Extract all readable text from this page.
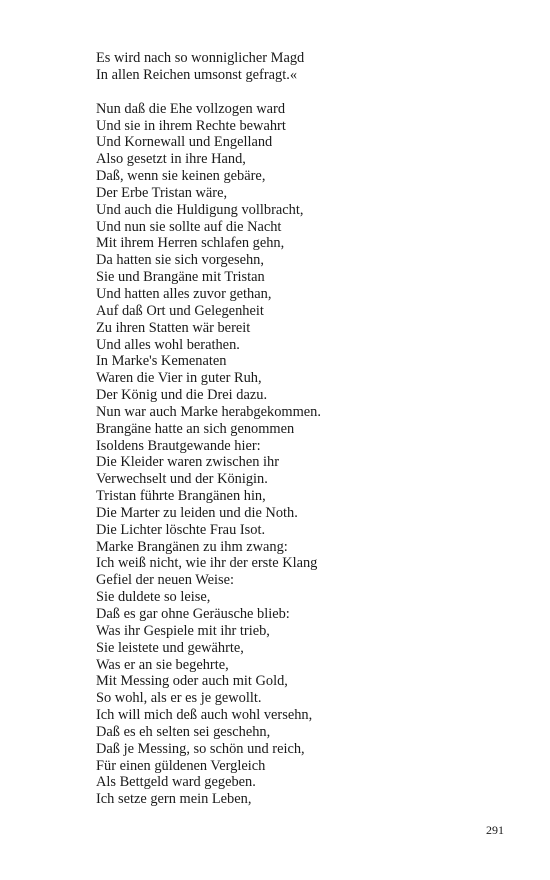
Es wird nach so wonniglicher Magd
In allen Reichen umsonst gefragt.«
Nun daß die Ehe vollzogen ward
Und sie in ihrem Rechte bewahrt
Und Kornewall und Engelland
Also gesetzt in ihre Hand,
Daß, wenn sie keinen gebäre,
Der Erbe Tristan wäre,
Und auch die Huldigung vollbracht,
Und nun sie sollte auf die Nacht
Mit ihrem Herren schlafen gehn,
Da hatten sie sich vorgesehn,
Sie und Brangäne mit Tristan
Und hatten alles zuvor gethan,
Auf daß Ort und Gelegenheit
Zu ihren Statten wär bereit
Und alles wohl berathen.
In Marke's Kemenaten
Waren die Vier in guter Ruh,
Der König und die Drei dazu.
Nun war auch Marke herabgekommen.
Brangäne hatte an sich genommen
Isoldens Brautgewande hier:
Die Kleider waren zwischen ihr
Verwechselt und der Königin.
Tristan führte Brangänen hin,
Die Marter zu leiden und die Noth.
Die Lichter löschte Frau Isot.
Marke Brangänen zu ihm zwang:
Ich weiß nicht, wie ihr der erste Klang
Gefiel der neuen Weise:
Sie duldete so leise,
Daß es gar ohne Geräusche blieb:
Was ihr Gespiele mit ihr trieb,
Sie leistete und gewährte,
Was er an sie begehrte,
Mit Messing oder auch mit Gold,
So wohl, als er es je gewollt.
Ich will mich deß auch wohl versehn,
Daß es eh selten sei geschehn,
Daß je Messing, so schön und reich,
Für einen güldenen Vergleich
Als Bettgeld ward gegeben.
Ich setze gern mein Leben,
291
